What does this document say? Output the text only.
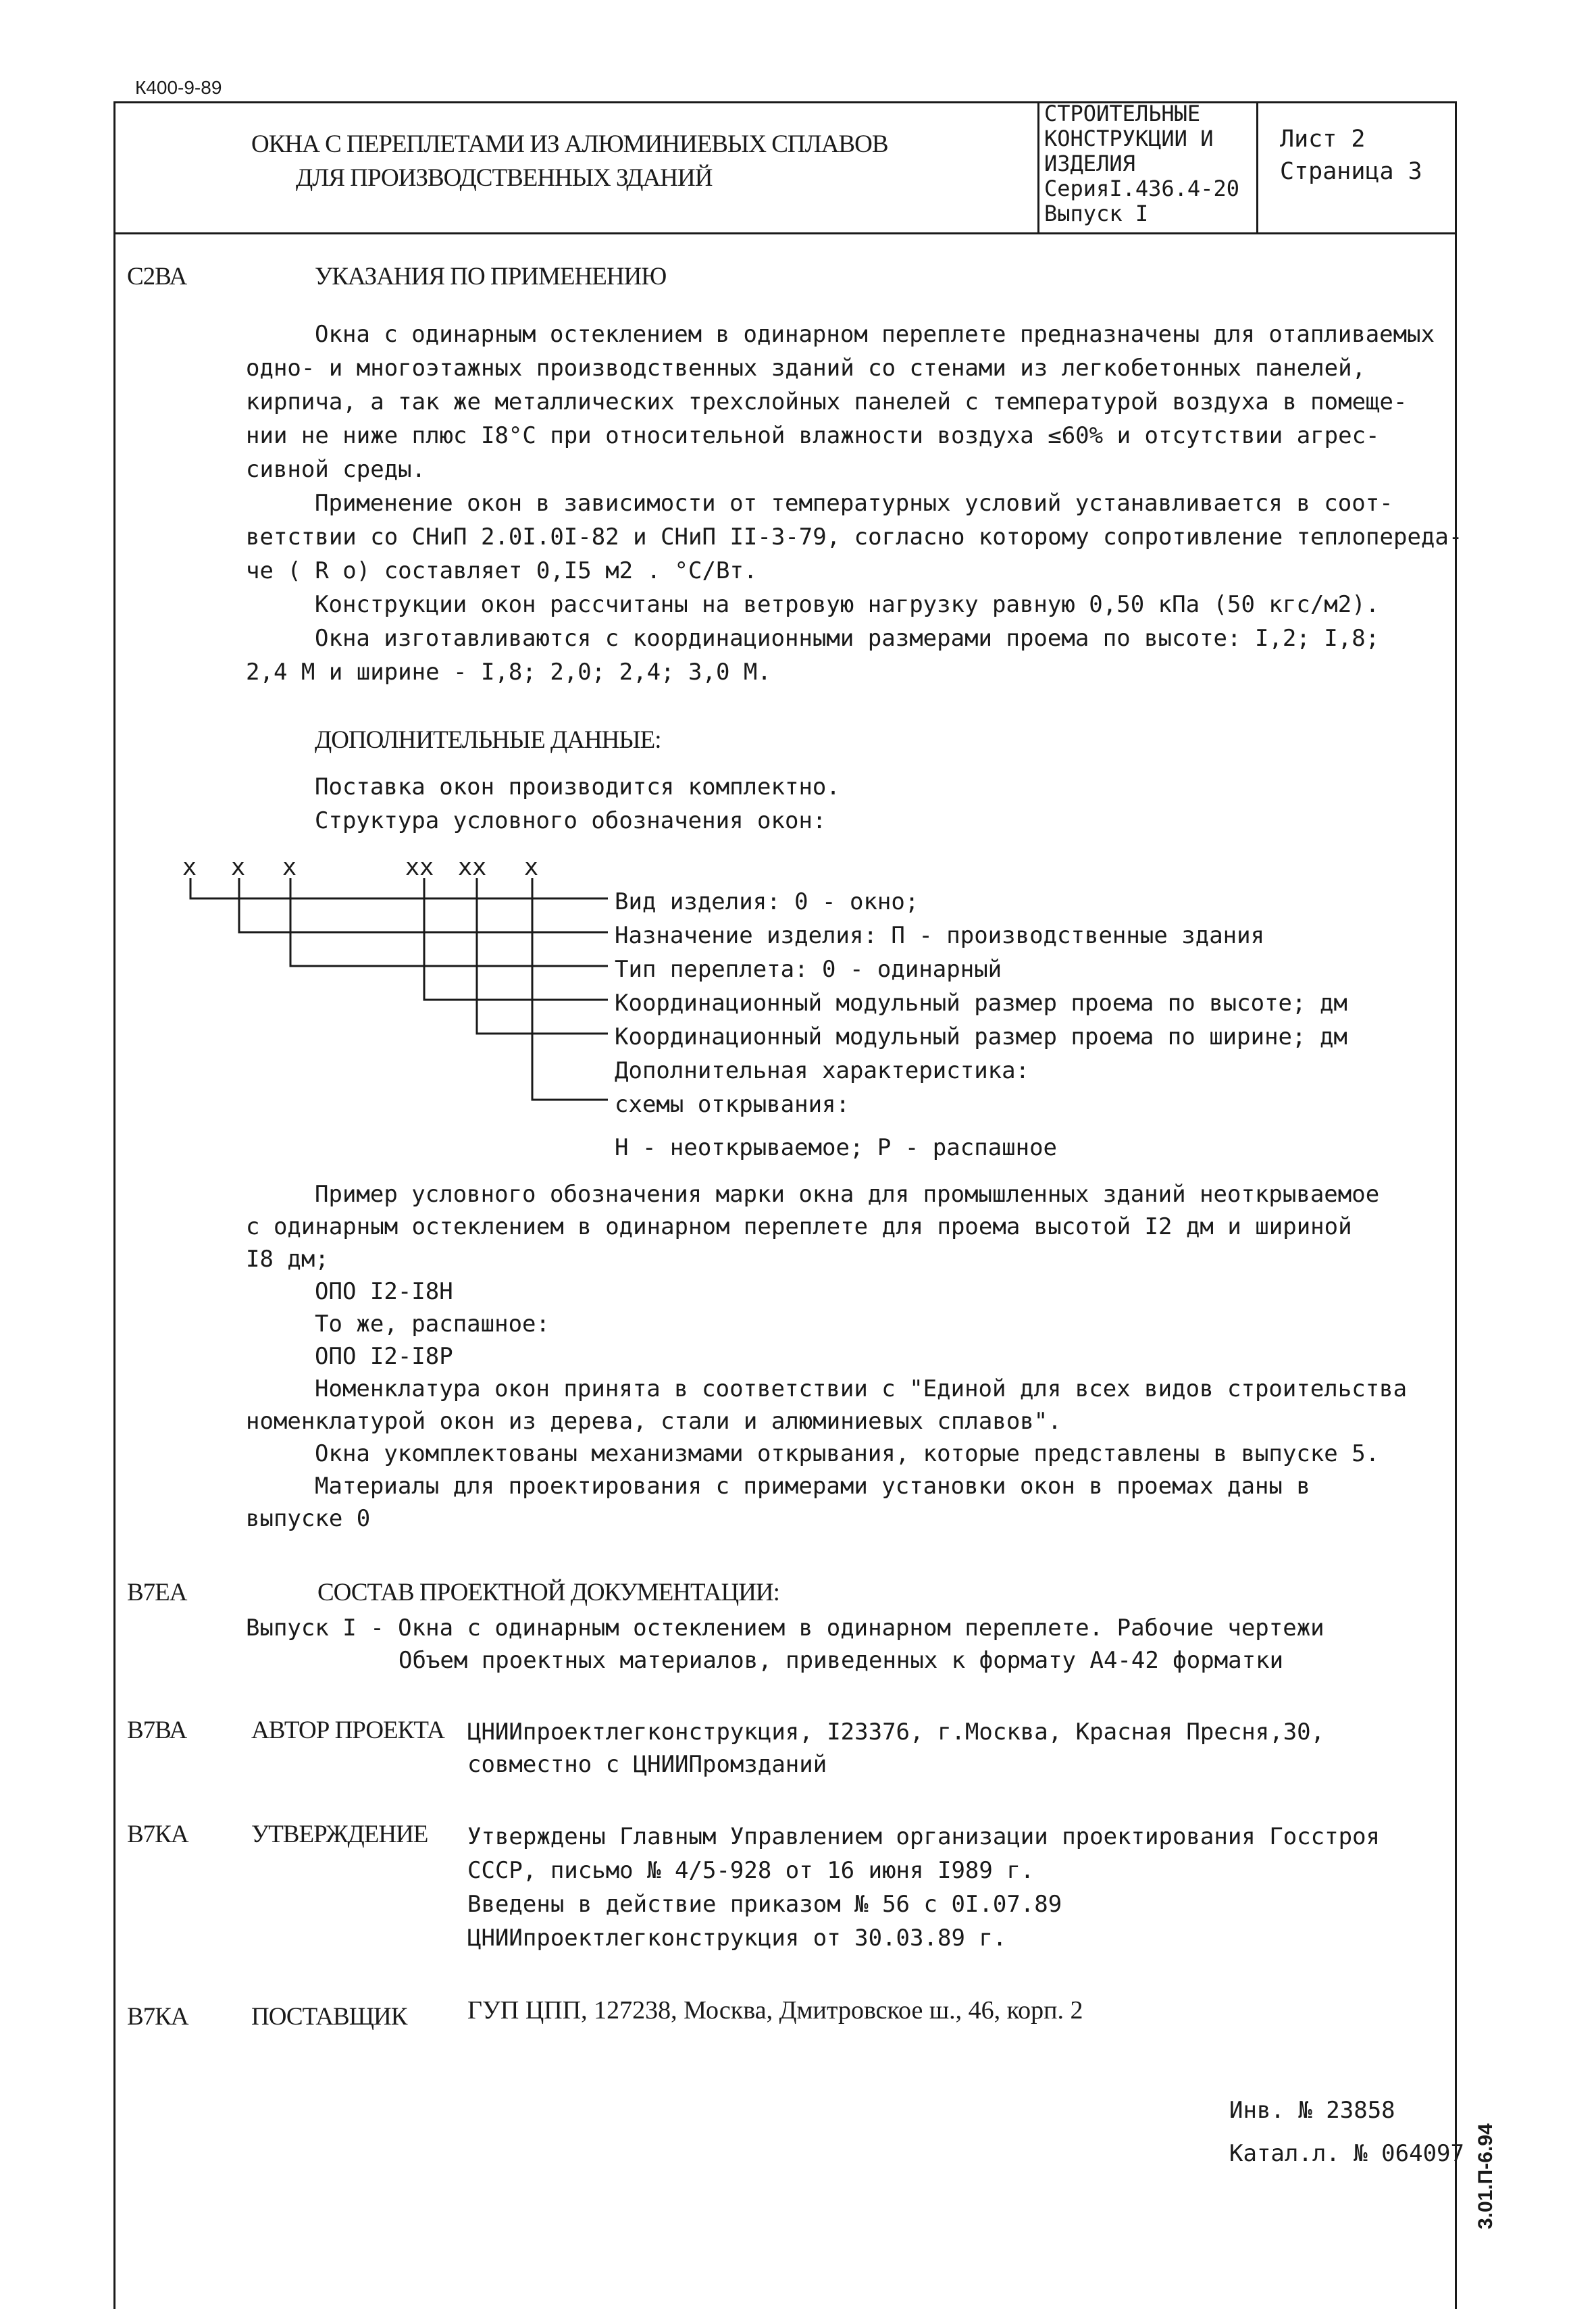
К400-9-89
ОКНА С ПЕРЕПЛЕТАМИ ИЗ АЛЮМИНИЕВЫХ СПЛАВОВ
ДЛЯ ПРОИЗВОДСТВЕННЫХ ЗДАНИЙ
СТРОИТЕЛЬНЫЕ
КОНСТРУКЦИИ И
ИЗДЕЛИЯ
СерияI.436.4-20
Выпуск I
Лист 2
Страница 3
С2ВА	УКАЗАНИЯ ПО ПРИМЕНЕНИЮ
Окна с одинарным остеклением в одинарном переплете предназначены для отапливаемых
одно- и многоэтажных производственных зданий со стенами из легкобетонных панелей,
кирпича, а так же металлических трехслойных панелей с температурой воздуха в помеще-
нии не ниже плюс I8°С при относительной влажности воздуха ≤60% и отсутствии агрес-
сивной среды.
Применение окон в зависимости от температурных условий устанавливается в соот-
ветствии со СНиП 2.0I.0I-82 и СНиП II-3-79, согласно которому сопротивление теплопереда-
че ( R о) составляет 0,I5 м2 . °С/Вт.
Конструкции окон рассчитаны на ветровую нагрузку равную 0,50 кПа (50 кгс/м2).
Окна изготавливаются с координационными размерами проема по высоте: I,2; I,8;
2,4 М и ширине - I,8; 2,0; 2,4; 3,0 М.
ДОПОЛНИТЕЛЬНЫЕ ДАННЫЕ:
Поставка окон производится комплектно.
Структура условного обозначения окон:
х х х	хх хх х
Вид изделия: 0 - окно;
Назначение изделия: П - производственные здания
Тип переплета: 0 - одинарный
Координационный модульный размер проема по высоте; дм
Координационный модульный размер проема по ширине; дм
Дополнительная характеристика:
схемы открывания:
Н - неоткрываемое; Р - распашное
Пример условного обозначения марки окна для промышленных зданий неоткрываемое
с одинарным остеклением в одинарном переплете для проема высотой I2 дм и шириной
I8 дм;
ОПО I2-I8Н
То же, распашное:
ОПО I2-I8Р
Номенклатура окон принята в соответствии с "Единой для всех видов строительства
номенклатурой окон из дерева, стали и алюминиевых сплавов".
Окна укомплектованы механизмами открывания, которые представлены в выпуске 5.
Материалы для проектирования с примерами установки окон в проемах даны в
выпуске 0
В7ЕА	СОСТАВ ПРОЕКТНОЙ ДОКУМЕНТАЦИИ:
Выпуск I - Окна с одинарным остеклением в одинарном переплете. Рабочие чертежи
Объем проектных материалов, приведенных к формату А4-42 форматки
В7ВА	АВТОР ПРОЕКТА ЦНИИпроектлегконструкция, I23376, г.Москва, Красная Пресня,30,
совместно с ЦНИИПромзданий
В7КА	УТВЕРЖДЕНИЕ Утверждены Главным Управлением организации проектирования Госстроя
СССР, письмо № 4/5-928 от 16 июня I989 г.
Введены в действие приказом № 56 с 0I.07.89
ЦНИИпроектлегконструкция от 30.03.89 г.
В7КА	ПОСТАВЩИК ГУП ЦПП, 127238, Москва, Дмитровское ш., 46, корп. 2
Инв. № 23858
Катал.л. № 064097 3.01.П-6.94
